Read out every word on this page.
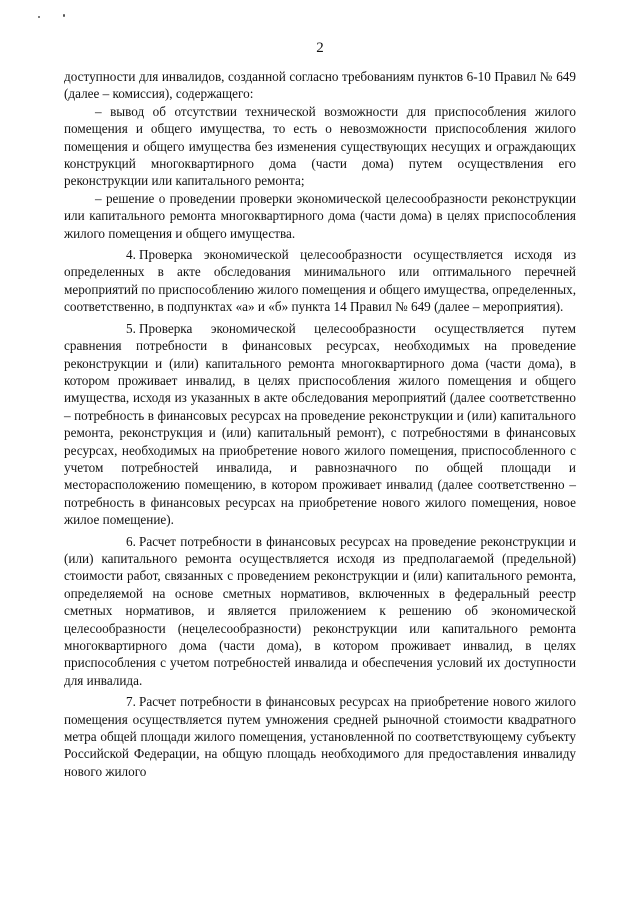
2

доступности для инвалидов, созданной согласно требованиям пунктов 6-10 Правил № 649 (далее – комиссия), содержащего:

– вывод об отсутствии технической возможности для приспособления жилого помещения и общего имущества, то есть о невозможности приспособления жилого помещения и общего имущества без изменения существующих несущих и ограждающих конструкций многоквартирного дома (части дома) путем осуществления его реконструкции или капитального ремонта;

– решение о проведении проверки экономической целесообразности реконструкции или капитального ремонта многоквартирного дома (части дома) в целях приспособления жилого помещения и общего имущества.

4. Проверка экономической целесообразности осуществляется исходя из определенных в акте обследования минимального или оптимального перечней мероприятий по приспособлению жилого помещения и общего имущества, определенных, соответственно, в подпунктах «а» и «б» пункта 14 Правил № 649 (далее – мероприятия).

5. Проверка экономической целесообразности осуществляется путем сравнения потребности в финансовых ресурсах, необходимых на проведение реконструкции и (или) капитального ремонта многоквартирного дома (части дома), в котором проживает инвалид, в целях приспособления жилого помещения и общего имущества, исходя из указанных в акте обследования мероприятий (далее соответственно – потребность в финансовых ресурсах на проведение реконструкции и (или) капитального ремонта, реконструкция и (или) капитальный ремонт), с потребностями в финансовых ресурсах, необходимых на приобретение нового жилого помещения, приспособленного с учетом потребностей инвалида, и равнозначного по общей площади и месторасположению помещению, в котором проживает инвалид (далее соответственно – потребность в финансовых ресурсах на приобретение нового жилого помещения, новое жилое помещение).

6. Расчет потребности в финансовых ресурсах на проведение реконструкции и (или) капитального ремонта осуществляется исходя из предполагаемой (предельной) стоимости работ, связанных с проведением реконструкции и (или) капитального ремонта, определяемой на основе сметных нормативов, включенных в федеральный реестр сметных нормативов, и является приложением к решению об экономической целесообразности (нецелесообразности) реконструкции или капитального ремонта многоквартирного дома (части дома), в котором проживает инвалид, в целях приспособления с учетом потребностей инвалида и обеспечения условий их доступности для инвалида.

7. Расчет потребности в финансовых ресурсах на приобретение нового жилого помещения осуществляется путем умножения средней рыночной стоимости квадратного метра общей площади жилого помещения, установленной по соответствующему субъекту Российской Федерации, на общую площадь необходимого для предоставления инвалиду нового жилого
